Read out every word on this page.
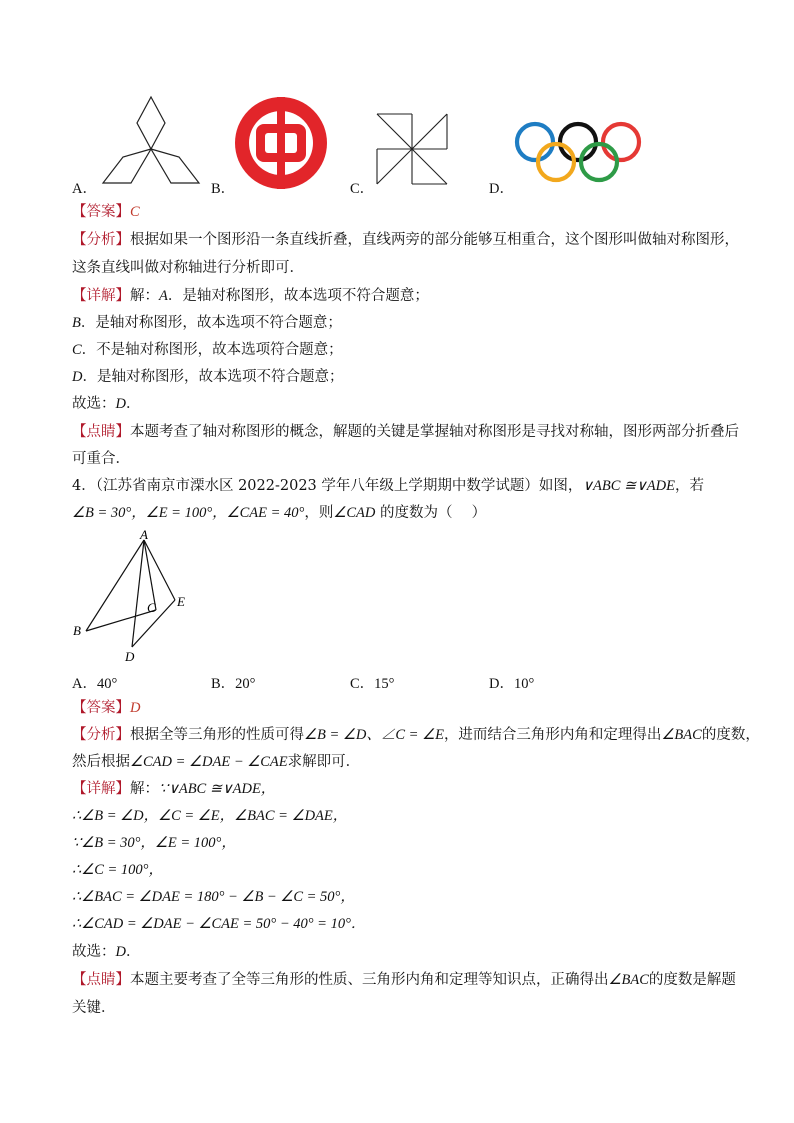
A．	B．	C．	D．
【答案】C
【分析】根据如果一个图形沿一条直线折叠，直线两旁的部分能够互相重合，这个图形叫做轴对称图形，
这条直线叫做对称轴进行分析即可．
【详解】解：A．是轴对称图形，故本选项不符合题意；
B．是轴对称图形，故本选项不符合题意；
C．不是轴对称图形，故本选项符合题意；
D．是轴对称图形，故本选项不符合题意；
故选：D．
【点睛】本题考查了轴对称图形的概念，解题的关键是掌握轴对称图形是寻找对称轴，图形两部分折叠后
可重合．
4．（江苏省南京市溧水区 2022-2023 学年八年级上学期期中数学试题）如图，∨ABC ≅∨ADE，若
∠B = 30°，∠E = 100°，∠CAE = 40°，则∠CAD 的度数为（　 ）
A
B
C
D
E
A．40°	B．20°	C．15°	D．10°
【答案】D
【分析】根据全等三角形的性质可得∠B = ∠D、∠C = ∠E，进而结合三角形内角和定理得出∠BAC的度数，
然后根据∠CAD = ∠DAE − ∠CAE求解即可．
【详解】解：∵∨ABC ≅∨ADE，
∴∠B = ∠D，∠C = ∠E，∠BAC = ∠DAE，
∵∠B = 30°，∠E = 100°，
∴∠C = 100°，
∴∠BAC = ∠DAE = 180° − ∠B − ∠C = 50°，
∴∠CAD = ∠DAE − ∠CAE = 50° − 40° = 10°．
故选：D．
【点睛】本题主要考查了全等三角形的性质、三角形内角和定理等知识点，正确得出∠BAC的度数是解题
关键．
